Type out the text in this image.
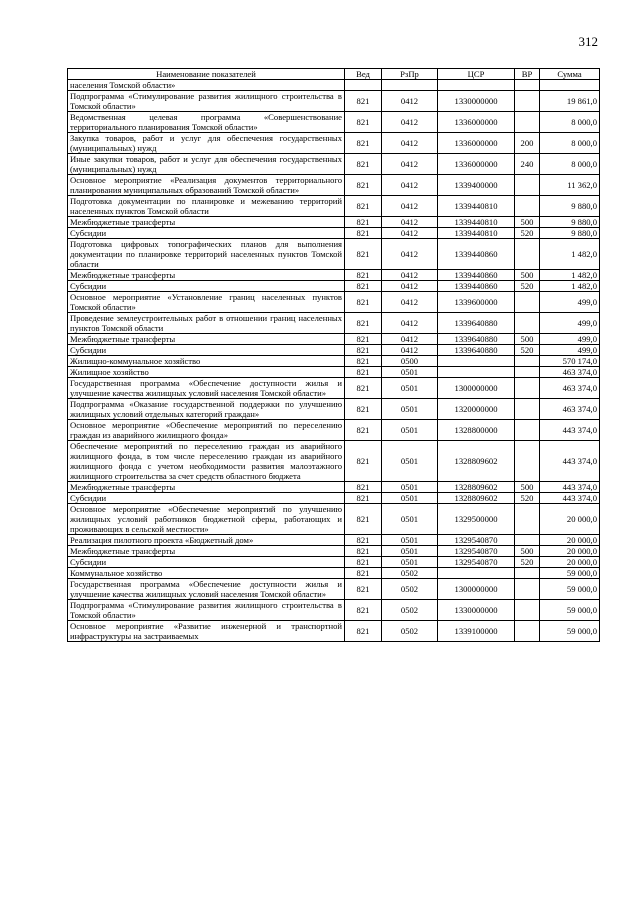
312
Наименование показателей	Вед	РзПр	ЦСР	ВР	Сумма
населения Томской области»					
Подпрограмма «Стимулирование развития жилищного строительства в Томской области»	821	0412	1330000000		19 861,0
Ведомственная целевая программа «Совершенствование территориального планирования Томской области»	821	0412	1336000000		8 000,0
Закупка товаров, работ и услуг для обеспечения государственных (муниципальных) нужд	821	0412	1336000000	200	8 000,0
Иные закупки товаров, работ и услуг для обеспечения государственных (муниципальных) нужд	821	0412	1336000000	240	8 000,0
Основное мероприятие «Реализация документов территориального планирования муниципальных образований Томской области»	821	0412	1339400000		11 362,0
Подготовка документации по планировке и межеванию территорий населенных пунктов Томской области	821	0412	1339440810		9 880,0
Межбюджетные трансферты	821	0412	1339440810	500	9 880,0
Субсидии	821	0412	1339440810	520	9 880,0
Подготовка цифровых топографических планов для выполнения документации по планировке территорий населенных пунктов Томской области	821	0412	1339440860		1 482,0
Межбюджетные трансферты	821	0412	1339440860	500	1 482,0
Субсидии	821	0412	1339440860	520	1 482,0
Основное мероприятие «Установление границ населенных пунктов Томской области»	821	0412	1339600000		499,0
Проведение землеустроительных работ в отношении границ населенных пунктов Томской области	821	0412	1339640880		499,0
Межбюджетные трансферты	821	0412	1339640880	500	499,0
Субсидии	821	0412	1339640880	520	499,0
Жилищно-коммунальное хозяйство	821	0500			570 174,0
Жилищное хозяйство	821	0501			463 374,0
Государственная программа «Обеспечение доступности жилья и улучшение качества жилищных условий населения Томской области»	821	0501	1300000000		463 374,0
Подпрограмма «Оказание государственной поддержки по улучшению жилищных условий отдельных категорий граждан»	821	0501	1320000000		463 374,0
Основное мероприятие «Обеспечение мероприятий по переселению граждан из аварийного жилищного фонда»	821	0501	1328800000		443 374,0
Обеспечение мероприятий по переселению граждан из аварийного жилищного фонда, в том числе переселению граждан из аварийного жилищного фонда с учетом необходимости развития малоэтажного жилищного строительства за счет средств областного бюджета	821	0501	1328809602		443 374,0
Межбюджетные трансферты	821	0501	1328809602	500	443 374,0
Субсидии	821	0501	1328809602	520	443 374,0
Основное мероприятие «Обеспечение мероприятий по улучшению жилищных условий работников бюджетной сферы, работающих и проживающих в сельской местности»	821	0501	1329500000		20 000,0
Реализация пилотного проекта «Бюджетный дом»	821	0501	1329540870		20 000,0
Межбюджетные трансферты	821	0501	1329540870	500	20 000,0
Субсидии	821	0501	1329540870	520	20 000,0
Коммунальное хозяйство	821	0502			59 000,0
Государственная программа «Обеспечение доступности жилья и улучшение качества жилищных условий населения Томской области»	821	0502	1300000000		59 000,0
Подпрограмма «Стимулирование развития жилищного строительства в Томской области»	821	0502	1330000000		59 000,0
Основное мероприятие «Развитие инженерной и транспортной инфраструктуры на застраиваемых	821	0502	1339100000		59 000,0
